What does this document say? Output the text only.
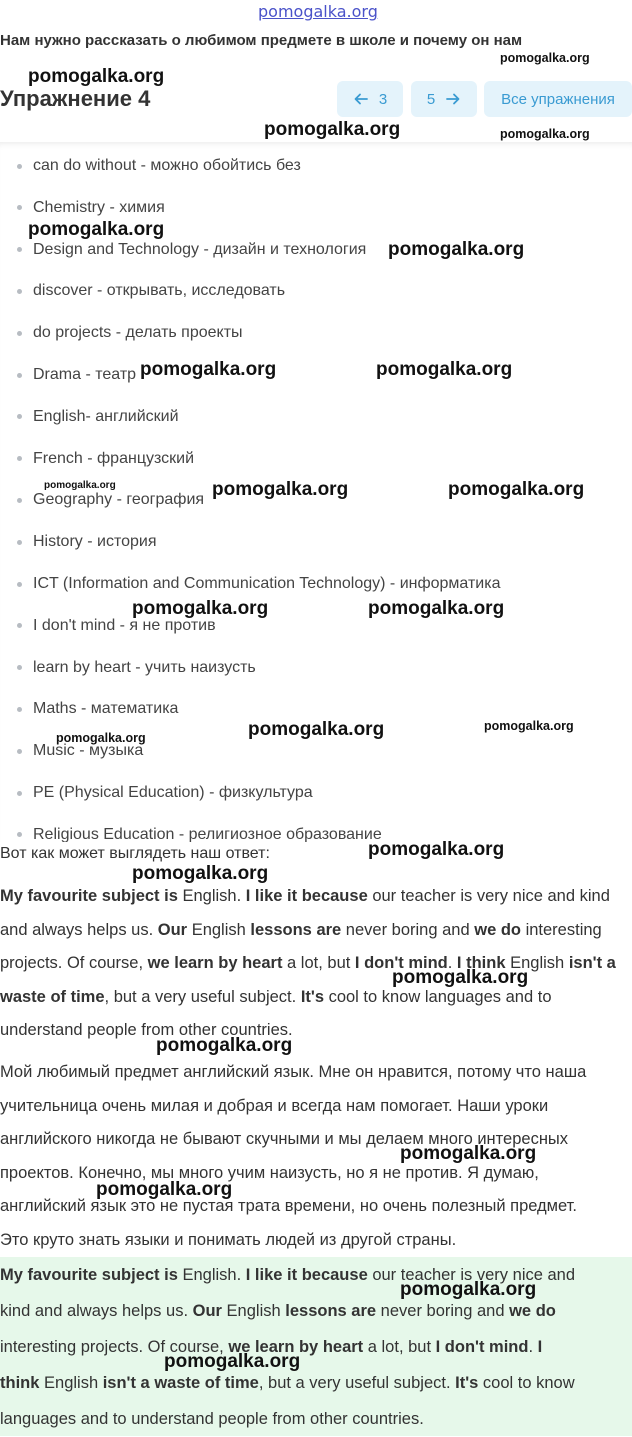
pomogalka.org
Нам нужно рассказать о любимом предмете в школе и почему он нам
Упражнение 4	3	5	Все упражнения
can do without - можно обойтись без
Chemistry - химия
Design and Technology - дизайн и технология
discover - открывать, исследовать
do projects - делать проекты
Drama - театр
English- английский
French - французский
Geography - география
History - история
ICT (Information and Communication Technology) - информатика
I don't mind - я не против
learn by heart - учить наизусть
Maths - математика
Music - музыка
PE (Physical Education) - физкультура
Religious Education - религиозное образование
Вот как может выглядеть наш ответ:
My favourite subject is English. I like it because our teacher is very nice and kind
and always helps us. Our English lessons are never boring and we do interesting
projects. Of course, we learn by heart a lot, but I don't mind. I think English isn't a
waste of time, but a very useful subject. It's cool to know languages and to
understand people from other countries.
Мой любимый предмет английский язык. Мне он нравится, потому что наша
учительница очень милая и добрая и всегда нам помогает. Наши уроки
английского никогда не бывают скучными и мы делаем много интересных
проектов. Конечно, мы много учим наизусть, но я не против. Я думаю,
английский язык это не пустая трата времени, но очень полезный предмет.
Это круто знать языки и понимать людей из другой страны.
My favourite subject is English. I like it because our teacher is very nice and
kind and always helps us. Our English lessons are never boring and we do
interesting projects. Of course, we learn by heart a lot, but I don't mind. I
think English isn't a waste of time, but a very useful subject. It's cool to know
languages and to understand people from other countries.
pomogalka.org
pomogalka.org
pomogalka.org	pomogalka.org
pomogalka.org
pomogalka.org
pomogalka.org	pomogalka.org
pomogalka.org	pomogalka.org	pomogalka.org
pomogalka.org	pomogalka.org
pomogalka.org	pomogalka.org
pomogalka.org
pomogalka.org
pomogalka.org
pomogalka.org
pomogalka.org
pomogalka.org
pomogalka.org
pomogalka.org
pomogalka.org
